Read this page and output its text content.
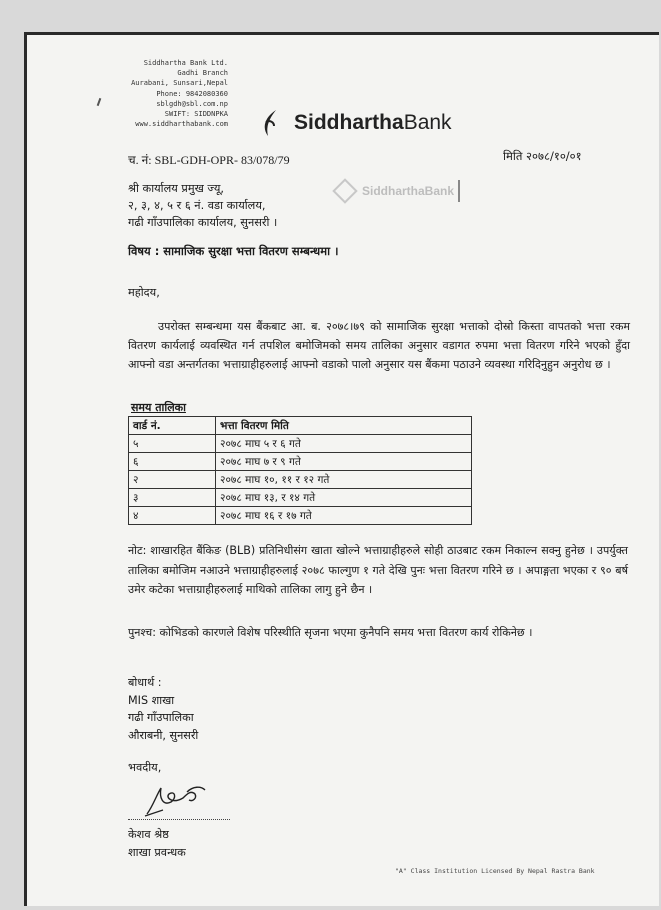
Siddhartha Bank Ltd.
Gadhi Branch
Aurabani, Sunsari,Nepal
Phone: 9842080360
sblgdh@sbl.com.np
SWIFT: SIDDNPKA
www.siddharthabank.com	SiddharthaBank
च. नं: SBL-GDH-OPR- 83/078/79	मिति २०७८/१०/०१
श्री कार्यालय प्रमुख ज्यू,
२, ३, ४, ५ र ६ नं. वडा कार्यालय,
गढी गाँउपालिका कार्यालय, सुनसरी ।
SiddharthaBank
विषय : सामाजिक सुरक्षा भत्ता वितरण सम्बन्धमा ।
महोदय,
उपरोक्त सम्बन्धमा यस बैंकबाट आ. ब. २०७८।७९ को सामाजिक सुरक्षा भत्ताको दोस्रो किस्ता वापतको भत्ता रकम वितरण कार्यलाई व्यवस्थित गर्न तपशिल बमोजिमको समय तालिका अनुसार वडागत रुपमा भत्ता वितरण गरिने भएको हुँदा आफ्नो वडा अन्तर्गतका भत्ताग्राहीहरुलाई आफ्नो वडाको पालो अनुसार यस बैंकमा पठाउने व्यवस्था गरिदिनुहुन अनुरोध छ ।
समय तालिका
वार्ड नं.	भत्ता वितरण मिति
५	२०७८ माघ ५ र ६ गते
६	२०७८ माघ ७ र ९ गते
२	२०७८ माघ १०, ११ र १२ गते
३	२०७८ माघ १३, र १४ गते
४	२०७८ माघ १६ र १७ गते
नोट: शाखारहित बैंकिङ (BLB) प्रतिनिधीसंग खाता खोल्ने भत्ताग्राहीहरुले सोही ठाउबाट रकम निकाल्न सक्नु हुनेछ । उपर्युक्त तालिका बमोजिम नआउने भत्ताग्राहीहरुलाई २०७८ फाल्गुण १ गते देखि पुनः भत्ता वितरण गरिने छ । अपाङ्गता भएका र ९० बर्ष उमेर कटेका भत्ताग्राहीहरुलाई माथिको तालिका लागु हुने छैन ।
पुनश्च: कोभिडको कारणले विशेष परिस्थीति सृजना भएमा कुनैपनि समय भत्ता वितरण कार्य रोकिनेछ ।
बोधार्थ :
MIS शाखा
गढी गाँउपालिका
औराबनी, सुनसरी
भवदीय,
केशव श्रेष्ठ
शाखा प्रवन्धक
"A" Class Institution Licensed By Nepal Rastra Bank
